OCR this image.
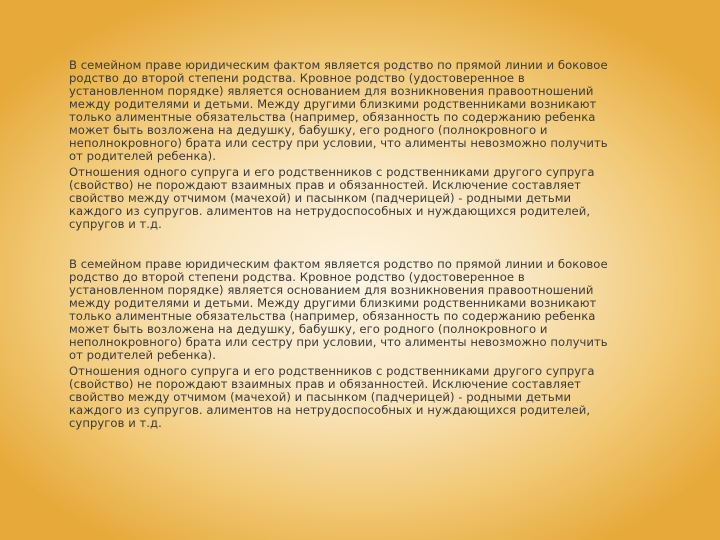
В семейном праве юридическим фактом является родство по прямой линии и боковое
родство до второй степени родства. Кровное родство (удостоверенное в
установленном порядке) является основанием для возникновения правоотношений
между родителями и детьми. Между другими близкими родственниками возникают
только алиментные обязательства (например, обязанность по содержанию ребенка
может быть возложена на дедушку, бабушку, его родного (полнокровного и
неполнокровного) брата или сестру при условии, что алименты невозможно получить
от родителей ребенка).

Отношения одного супруга и его родственников с родственниками другого супруга
(свойство) не порождают взаимных прав и обязанностей. Исключение составляет
свойство между отчимом (мачехой) и пасынком (падчерицей) - родными детьми
каждого из супругов. алиментов на нетрудоспособных и нуждающихся родителей,
супругов и т.д.

В семейном праве юридическим фактом является родство по прямой линии и боковое
родство до второй степени родства. Кровное родство (удостоверенное в
установленном порядке) является основанием для возникновения правоотношений
между родителями и детьми. Между другими близкими родственниками возникают
только алиментные обязательства (например, обязанность по содержанию ребенка
может быть возложена на дедушку, бабушку, его родного (полнокровного и
неполнокровного) брата или сестру при условии, что алименты невозможно получить
от родителей ребенка).

Отношения одного супруга и его родственников с родственниками другого супруга
(свойство) не порождают взаимных прав и обязанностей. Исключение составляет
свойство между отчимом (мачехой) и пасынком (падчерицей) - родными детьми
каждого из супругов. алиментов на нетрудоспособных и нуждающихся родителей,
супругов и т.д.
